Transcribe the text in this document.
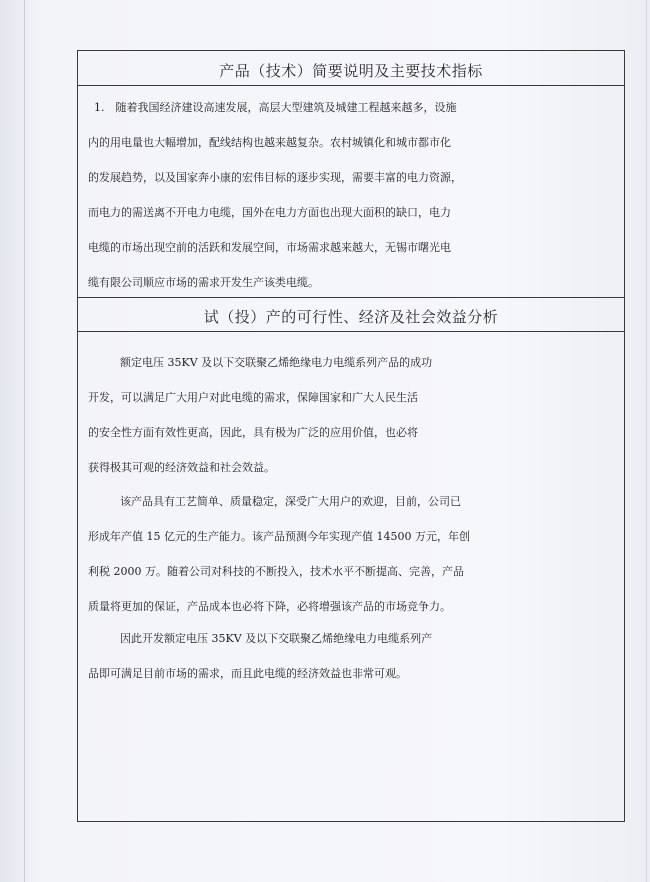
产品（技术）简要说明及主要技术指标
1.　随着我国经济建设高速发展，高层大型建筑及城建工程越来越多，设施
内的用电量也大幅增加，配线结构也越来越复杂。农村城镇化和城市都市化
的发展趋势，以及国家奔小康的宏伟目标的逐步实现，需要丰富的电力资源，
而电力的需送离不开电力电缆，国外在电力方面也出现大面积的缺口，电力
电缆的市场出现空前的活跃和发展空间，市场需求越来越大，无锡市曙光电
缆有限公司顺应市场的需求开发生产该类电缆。
试（投）产的可行性、经济及社会效益分析
额定电压 35KV 及以下交联聚乙烯绝缘电力电缆系列产品的成功
开发，可以满足广大用户对此电缆的需求，保障国家和广大人民生活
的安全性方面有效性更高，因此，具有极为广泛的应用价值，也必将
获得极其可观的经济效益和社会效益。
该产品具有工艺简单、质量稳定，深受广大用户的欢迎，目前，公司已
形成年产值 15 亿元的生产能力。该产品预测今年实现产值 14500 万元，年创
利税 2000 万。随着公司对科技的不断投入，技术水平不断提高、完善，产品
质量将更加的保证，产品成本也必将下降，必将增强该产品的市场竞争力。
因此开发额定电压 35KV 及以下交联聚乙烯绝缘电力电缆系列产
品即可满足目前市场的需求，而且此电缆的经济效益也非常可观。
